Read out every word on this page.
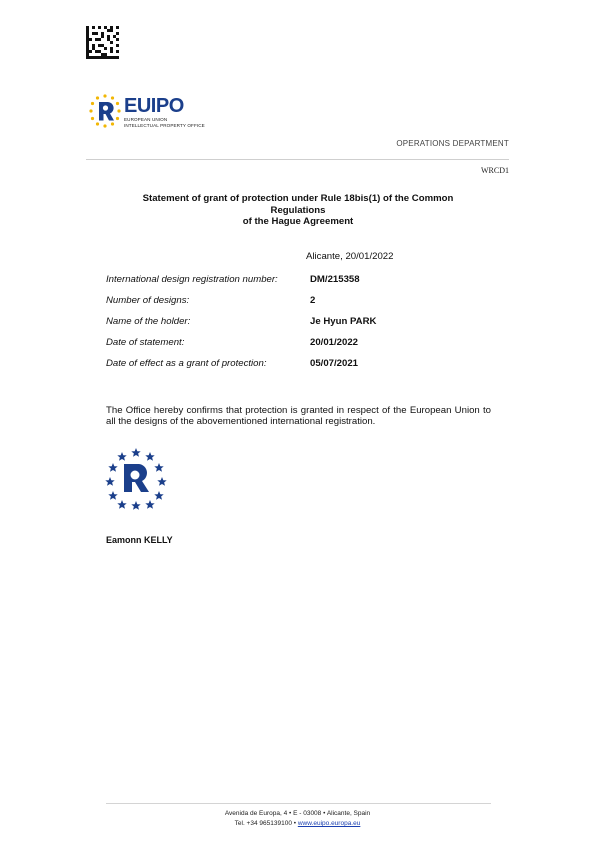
EUIPO
EUROPEAN UNION
INTELLECTUAL PROPERTY OFFICE
OPERATIONS DEPARTMENT
WRCD1
Statement of grant of protection under Rule 18bis(1) of the Common
Regulations
of the Hague Agreement
Alicante, 20/01/2022
International design registration number:	DM/215358
Number of designs:	2
Name of the holder:	Je Hyun PARK
Date of statement:	20/01/2022
Date of effect as a grant of protection:	05/07/2021
The Office hereby confirms that protection is granted in respect of the European Union to all the designs of the abovementioned international registration.
Eamonn KELLY
Avenida de Europa, 4 • E - 03008 • Alicante, Spain
Tel. +34 965139100 • www.euipo.europa.eu
